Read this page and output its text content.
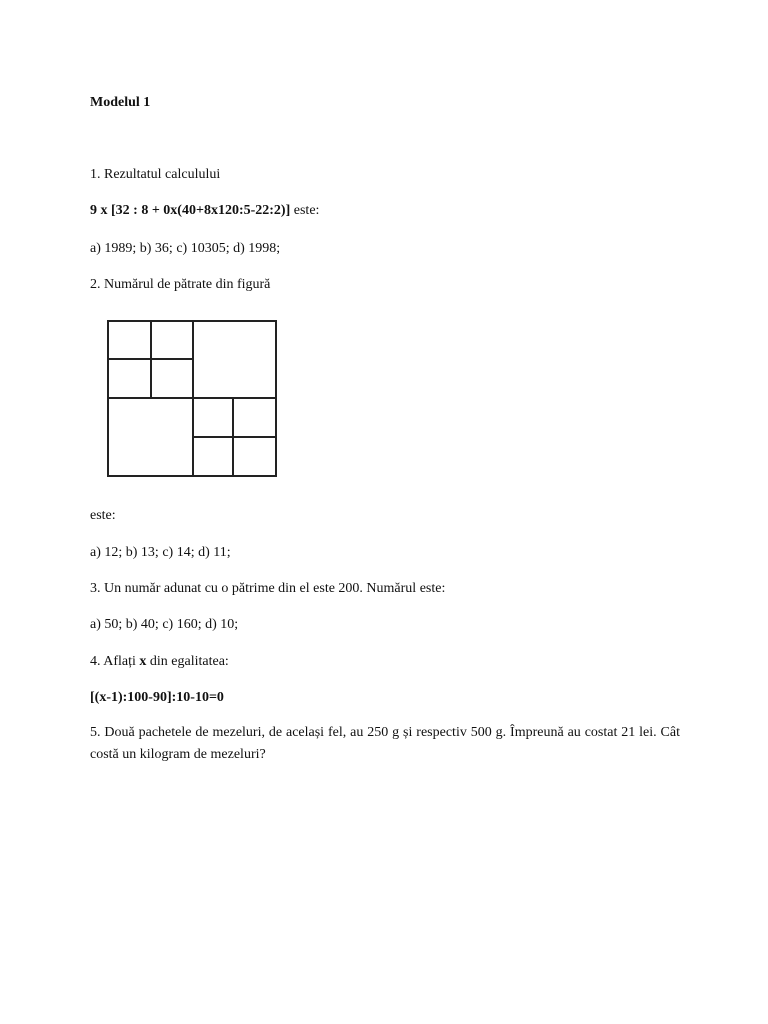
Modelul 1
1. Rezultatul calculului
9 x [32 : 8 + 0x(40+8x120:5-22:2)] este:
a) 1989; b) 36; c) 10305; d) 1998;
2. Numărul de pătrate din figură
este:
a) 12; b) 13; c) 14; d) 11;
3. Un număr adunat cu o pătrime din el este 200. Numărul este:
a) 50; b) 40; c) 160; d) 10;
4. Aflați x din egalitatea:
[(x-1):100-90]:10-10=0
5. Două pachetele de mezeluri, de același fel, au 250 g și respectiv 500 g. Împreună au costat 21 lei. Cât costă un kilogram de mezeluri?
